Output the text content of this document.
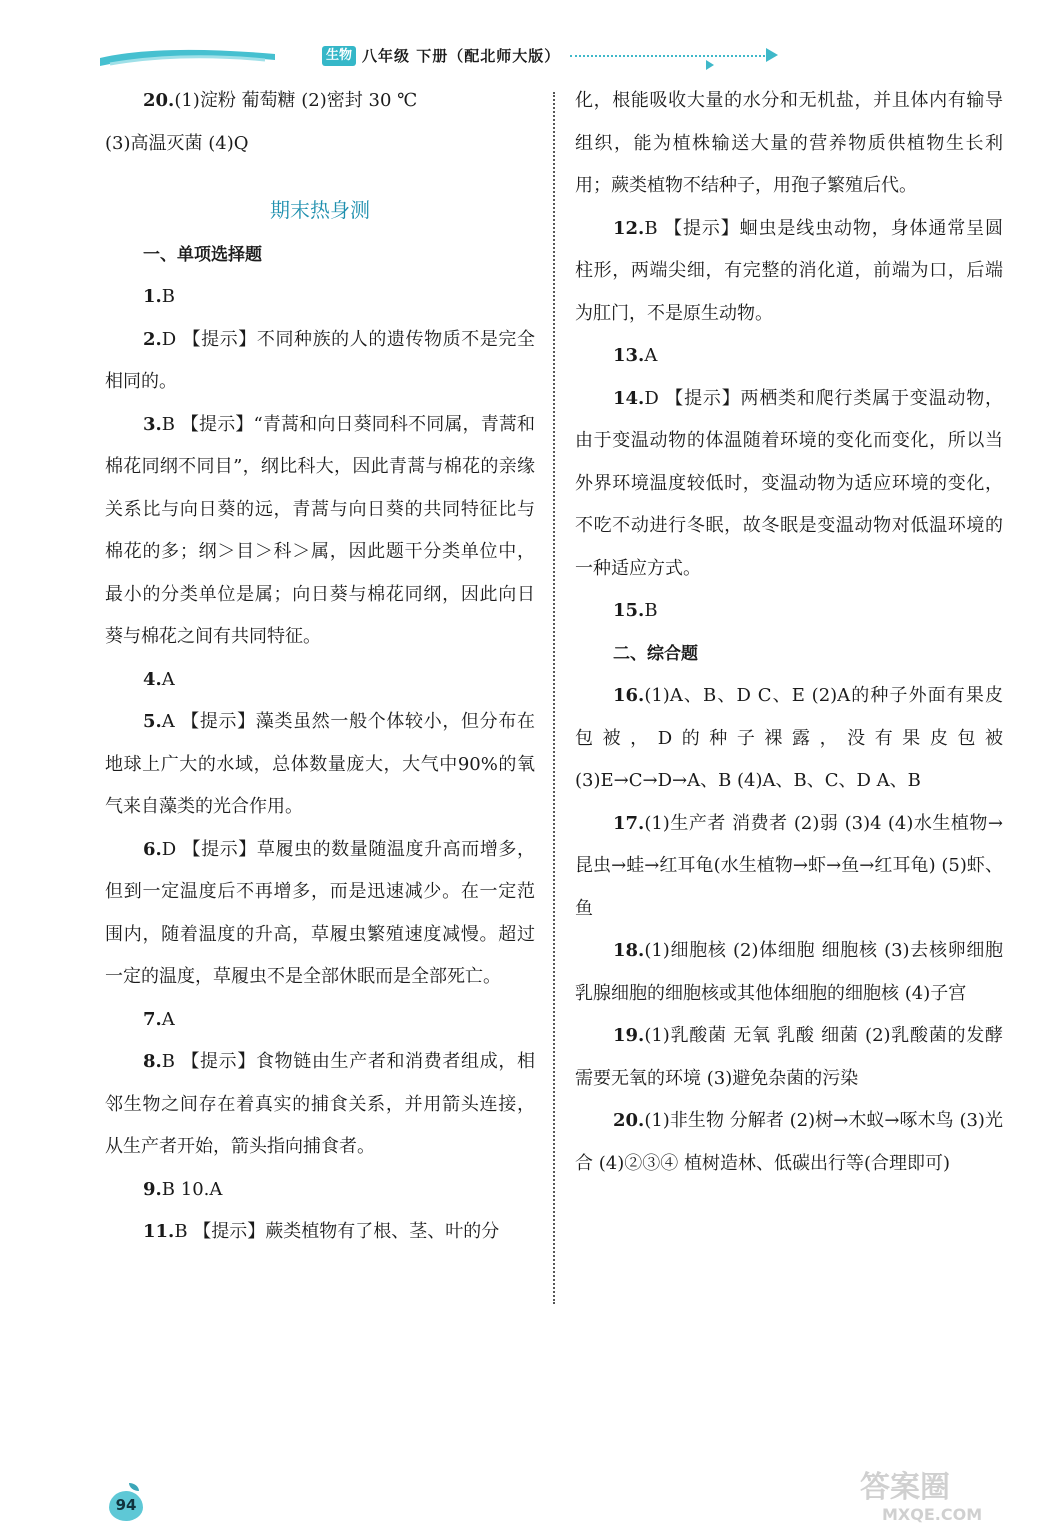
生物 八年级 下册（配北师大版）

20.(1)淀粉 葡萄糖 (2)密封 30 ℃

(3)高温灭菌 (4)Q

期末热身测

一、单项选择题

1.B

2.D 【提示】不同种族的人的遗传物质不是完全相同的。

3.B 【提示】“青蒿和向日葵同科不同属，青蒿和棉花同纲不同目”，纲比科大，因此青蒿与棉花的亲缘关系比与向日葵的远，青蒿与向日葵的共同特征比与棉花的多；纲＞目＞科＞属，因此题干分类单位中，最小的分类单位是属；向日葵与棉花同纲，因此向日葵与棉花之间有共同特征。

4.A

5.A 【提示】藻类虽然一般个体较小，但分布在地球上广大的水域，总体数量庞大，大气中90%的氧气来自藻类的光合作用。

6.D 【提示】草履虫的数量随温度升高而增多，但到一定温度后不再增多，而是迅速减少。在一定范围内，随着温度的升高，草履虫繁殖速度减慢。超过一定的温度，草履虫不是全部休眠而是全部死亡。

7.A

8.B 【提示】食物链由生产者和消费者组成，相邻生物之间存在着真实的捕食关系，并用箭头连接，从生产者开始，箭头指向捕食者。

9.B 10.A

11.B 【提示】蕨类植物有了根、茎、叶的分

化，根能吸收大量的水分和无机盐，并且体内有输导组织，能为植株输送大量的营养物质供植物生长利用；蕨类植物不结种子，用孢子繁殖后代。

12.B 【提示】蛔虫是线虫动物，身体通常呈圆柱形，两端尖细，有完整的消化道，前端为口，后端为肛门，不是原生动物。

13.A

14.D 【提示】两栖类和爬行类属于变温动物，由于变温动物的体温随着环境的变化而变化，所以当外界环境温度较低时，变温动物为适应环境的变化，不吃不动进行冬眠，故冬眠是变温动物对低温环境的一种适应方式。

15.B

二、综合题

16.(1)A、B、D C、E (2)A的种子外面有果皮包被，D的种子裸露，没有果皮包被 (3)E→C→D→A、B (4)A、B、C、D A、B

17.(1)生产者 消费者 (2)弱 (3)4 (4)水生植物→昆虫→蛙→红耳龟(水生植物→虾→鱼→红耳龟) (5)虾、鱼

18.(1)细胞核 (2)体细胞 细胞核 (3)去核卵细胞 乳腺细胞的细胞核或其他体细胞的细胞核 (4)子宫

19.(1)乳酸菌 无氧 乳酸 细菌 (2)乳酸菌的发酵需要无氧的环境 (3)避免杂菌的污染

20.(1)非生物 分解者 (2)树→木蚁→啄木鸟 (3)光合 (4)②③④ 植树造林、低碳出行等(合理即可)

94	答案圈
MXQE.COM
